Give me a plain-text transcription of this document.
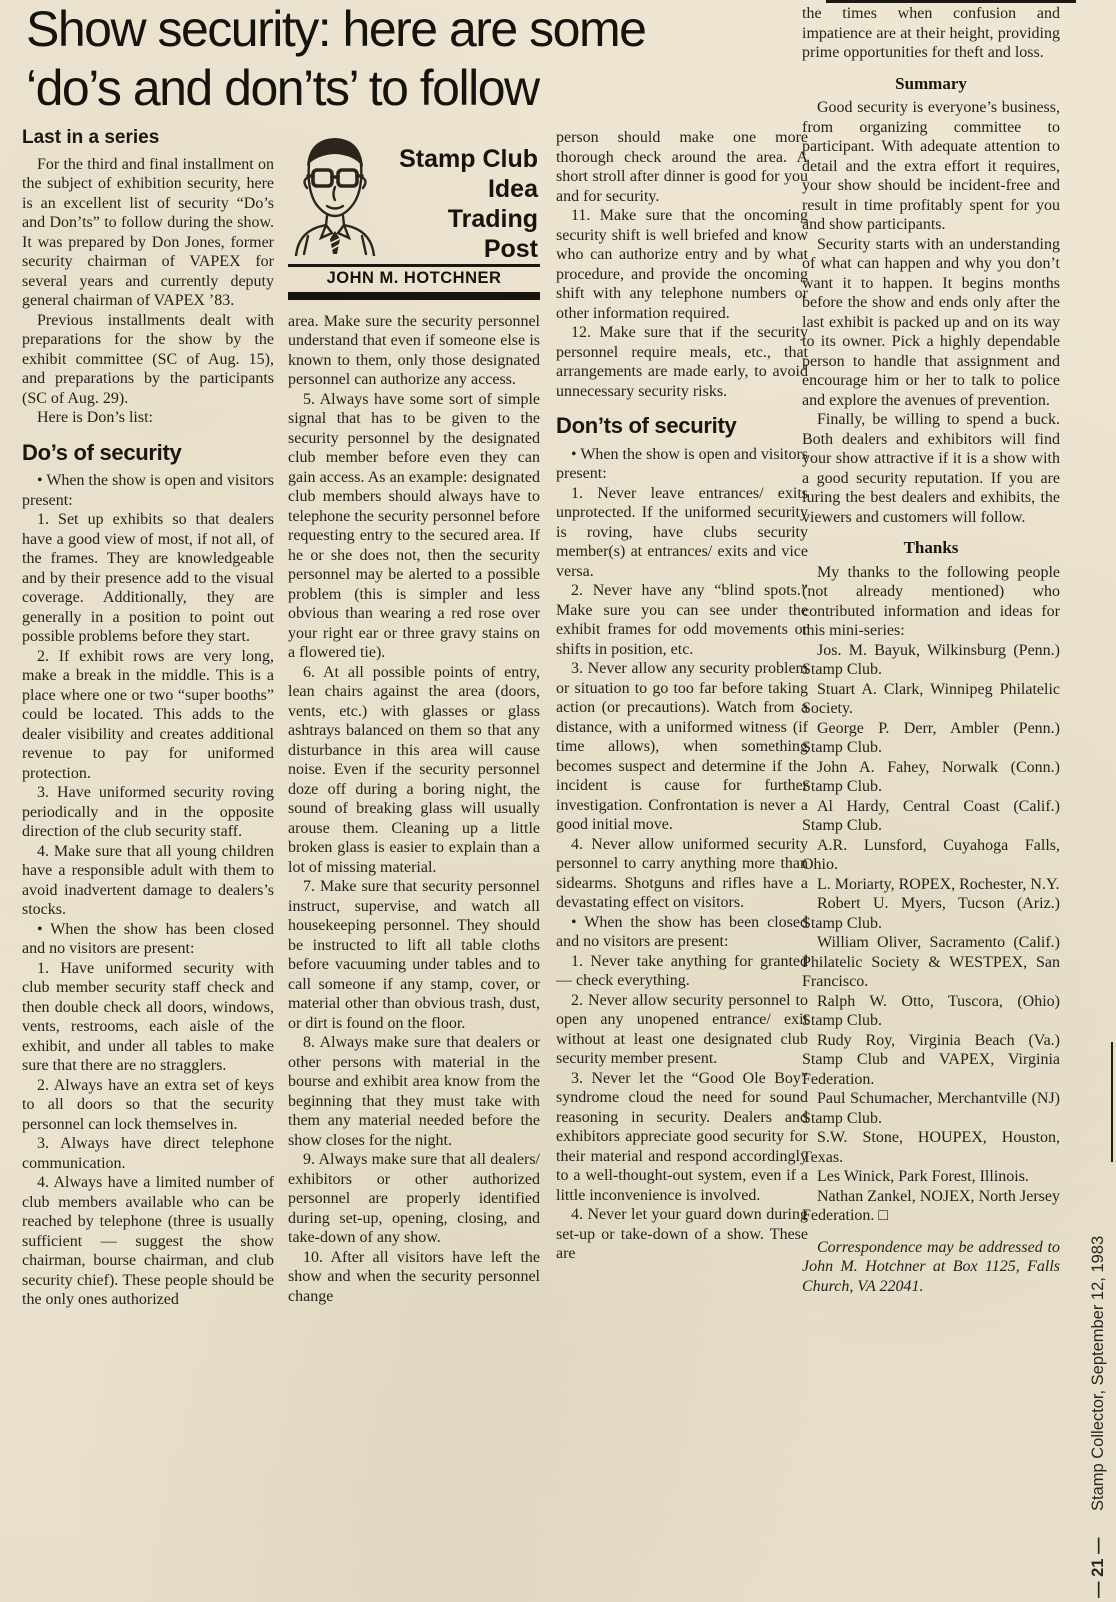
Show security: here are some
‘do’s and don’ts’ to follow

Last in a series

For the third and final installment on the subject of exhibition security, here is an excellent list of security “Do’s and Don’ts” to follow during the show. It was prepared by Don Jones, former security chairman of VAPEX for several years and currently deputy general chairman of VAPEX ’83.

Previous installments dealt with preparations for the show by the exhibit committee (SC of Aug. 15), and preparations by the participants (SC of Aug. 29).

Here is Don’s list:

Do’s of security

• When the show is open and visitors present:

1. Set up exhibits so that dealers have a good view of most, if not all, of the frames. They are knowledgeable and by their presence add to the visual coverage. Additionally, they are generally in a position to point out possible problems before they start.

2. If exhibit rows are very long, make a break in the middle. This is a place where one or two “super booths” could be located. This adds to the dealer visibility and creates additional revenue to pay for uniformed protection.

3. Have uniformed security roving periodically and in the opposite direction of the club security staff.

4. Make sure that all young children have a responsible adult with them to avoid inadvertent damage to dealers’s stocks.

• When the show has been closed and no visitors are present:

1. Have uniformed security with club member security staff check and then double check all doors, windows, vents, restrooms, each aisle of the exhibit, and under all tables to make sure that there are no stragglers.

2. Always have an extra set of keys to all doors so that the security personnel can lock themselves in.

3. Always have direct telephone communication.

4. Always have a limited number of club members available who can be reached by telephone (three is usually sufficient — suggest the show chairman, bourse chairman, and club security chief). These people should be the only ones authorized

Stamp Club
Idea
Trading
Post
JOHN M. HOTCHNER

area. Make sure the security personnel understand that even if someone else is known to them, only those designated personnel can authorize any access.

5. Always have some sort of simple signal that has to be given to the security personnel by the designated club member before even they can gain access. As an example: designated club members should always have to telephone the security personnel before requesting entry to the secured area. If he or she does not, then the security personnel may be alerted to a possible problem (this is simpler and less obvious than wearing a red rose over your right ear or three gravy stains on a flowered tie).

6. At all possible points of entry, lean chairs against the area (doors, vents, etc.) with glasses or glass ashtrays balanced on them so that any disturbance in this area will cause noise. Even if the security personnel doze off during a boring night, the sound of breaking glass will usually arouse them. Cleaning up a little broken glass is easier to explain than a lot of missing material.

7. Make sure that security personnel instruct, supervise, and watch all housekeeping personnel. They should be instructed to lift all table cloths before vacuuming under tables and to call someone if any stamp, cover, or material other than obvious trash, dust, or dirt is found on the floor.

8. Always make sure that dealers or other persons with material in the bourse and exhibit area know from the beginning that they must take with them any material needed before the show closes for the night.

9. Always make sure that all dealers/ exhibitors or other authorized personnel are properly identified during set-up, opening, closing, and take-down of any show.

10. After all visitors have left the show and when the security personnel change

person should make one more thorough check around the area. A short stroll after dinner is good for you and for security.

11. Make sure that the oncoming security shift is well briefed and know who can authorize entry and by what procedure, and provide the oncoming shift with any telephone numbers or other information required.

12. Make sure that if the security personnel require meals, etc., that arrangements are made early, to avoid unnecessary security risks.

Don’ts of security

• When the show is open and visitors present:

1. Never leave entrances/ exits unprotected. If the uniformed security is roving, have clubs security member(s) at entrances/ exits and vice versa.

2. Never have any “blind spots.” Make sure you can see under the exhibit frames for odd movements or shifts in position, etc.

3. Never allow any security problem or situation to go too far before taking action (or precautions). Watch from a distance, with a uniformed witness (if time allows), when something becomes suspect and determine if the incident is cause for further investigation. Confrontation is never a good initial move.

4. Never allow uniformed security personnel to carry anything more than sidearms. Shotguns and rifles have a devastating effect on visitors.

• When the show has been closed and no visitors are present:

1. Never take anything for granted — check everything.

2. Never allow security personnel to open any unopened entrance/ exit without at least one designated club security member present.

3. Never let the “Good Ole Boy” syndrome cloud the need for sound reasoning in security. Dealers and exhibitors appreciate good security for their material and respond accordingly to a well-thought-out system, even if a little inconvenience is involved.

4. Never let your guard down during set-up or take-down of a show. These are

the times when confusion and impatience are at their height, providing prime opportunities for theft and loss.

Summary

Good security is everyone’s business, from organizing committee to participant. With adequate attention to detail and the extra effort it requires, your show should be incident-free and result in time profitably spent for you and show participants.

Security starts with an understanding of what can happen and why you don’t want it to happen. It begins months before the show and ends only after the last exhibit is packed up and on its way to its owner. Pick a highly dependable person to handle that assignment and encourage him or her to talk to police and explore the avenues of prevention.

Finally, be willing to spend a buck. Both dealers and exhibitors will find your show attractive if it is a show with a good security reputation. If you are luring the best dealers and exhibits, the viewers and customers will follow.

Thanks

My thanks to the following people (not already mentioned) who contributed information and ideas for this mini-series:

Jos. M. Bayuk, Wilkinsburg (Penn.) Stamp Club.

Stuart A. Clark, Winnipeg Philatelic Society.

George P. Derr, Ambler (Penn.) Stamp Club.

John A. Fahey, Norwalk (Conn.) Stamp Club.

Al Hardy, Central Coast (Calif.) Stamp Club.

A.R. Lunsford, Cuyahoga Falls, Ohio.

L. Moriarty, ROPEX, Rochester, N.Y.

Robert U. Myers, Tucson (Ariz.) Stamp Club.

William Oliver, Sacramento (Calif.) Philatelic Society & WESTPEX, San Francisco.

Ralph W. Otto, Tuscora, (Ohio) Stamp Club.

Rudy Roy, Virginia Beach (Va.) Stamp Club and VAPEX, Virginia Federation.

Paul Schumacher, Merchantville (NJ) Stamp Club.

S.W. Stone, HOUPEX, Houston, Texas.

Les Winick, Park Forest, Illinois.

Nathan Zankel, NOJEX, North Jersey Federation. □

Correspondence may be addressed to John M. Hotchner at Box 1125, Falls Church, VA 22041.

— 21 —
Stamp Collector, September 12, 1983
